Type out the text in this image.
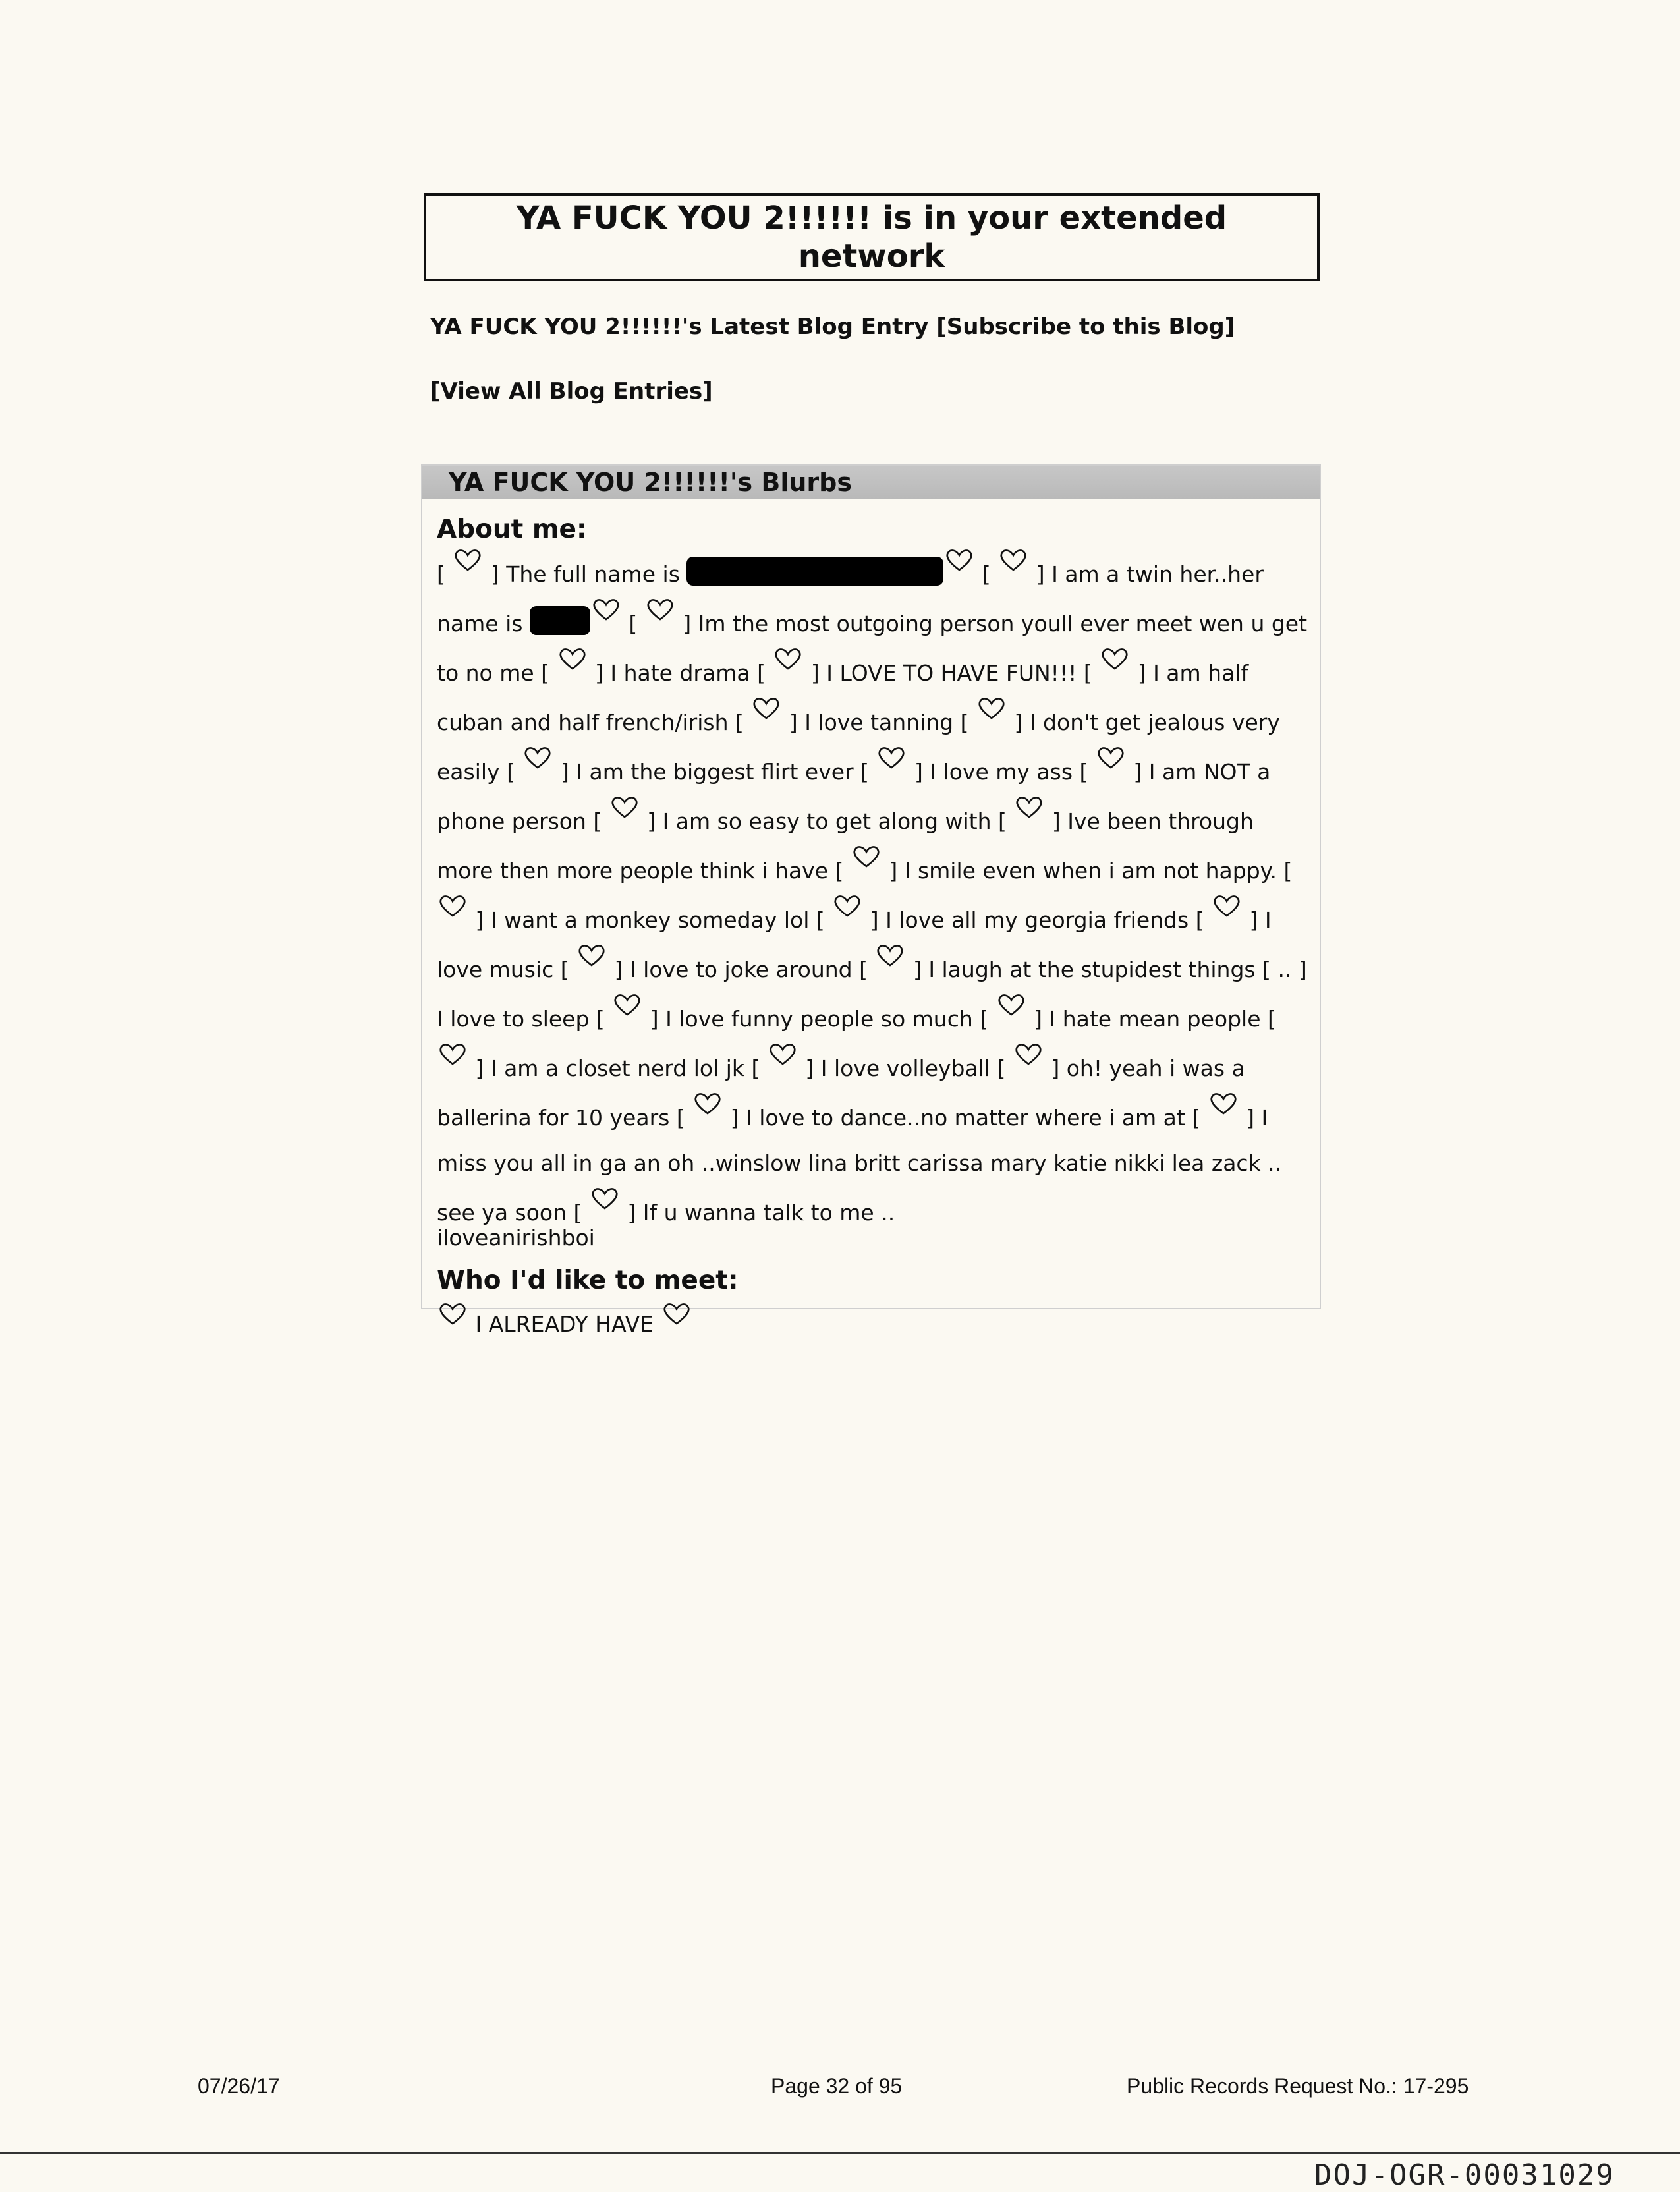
YA FUCK YOU 2!!!!!! is in your extended network
YA FUCK YOU 2!!!!!!'s Latest Blog Entry [Subscribe to this Blog]
[View All Blog Entries]
YA FUCK YOU 2!!!!!!'s Blurbs
About me:
[
] The full name is	[
] I am a twin her..her name is	[
] Im the most outgoing person youll ever meet wen u get to no me [
] I hate drama [
] I LOVE TO HAVE FUN!!! [
] I am half cuban and half french/irish [
] I love tanning [
] I don't get jealous very easily [
] I am the biggest flirt ever [
] I love my ass [
] I am NOT a phone person [
] I am so easy to get along with [
] Ive been through more then more people think i have [
] I smile even when i am not happy. [
] I want a monkey someday lol [
] I love all my georgia friends [
] I love music [
] I love to joke around [
] I laugh at the stupidest things [ .. ] I love to sleep [
] I love funny people so much [
] I hate mean people [
] I am a closet nerd lol jk [
] I love volleyball [
] oh! yeah i was a ballerina for 10 years [
] I love to dance..no matter where i am at [
] I miss you all in ga an oh ..winslow lina britt carissa mary katie nikki lea zack .. see ya soon [
] If u wanna talk to me ..
iloveanirishboi
Who I'd like to meet:
I ALREADY HAVE
07/26/17	Page 32 of 95	Public Records Request No.: 17-295
DOJ-OGR-00031029
